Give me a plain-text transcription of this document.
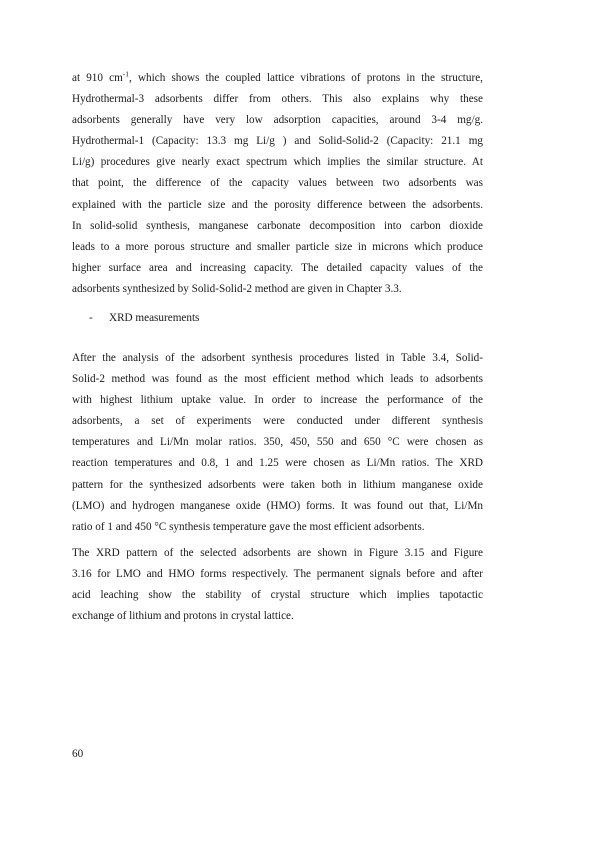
at 910 $cm^{-1}$, which shows the coupled lattice vibrations of protons in the structure,
Hydrothermal-3 adsorbents differ from others. This also explains why these
adsorbents generally have very low adsorption capacities, around 3-4 mg/g.
Hydrothermal-1 (Capacity: 13.3 mg Li/g ) and Solid-Solid-2 (Capacity: 21.1 mg
Li/g) procedures give nearly exact spectrum which implies the similar structure. At
that point, the difference of the capacity values between two adsorbents was
explained with the particle size and the porosity difference between the adsorbents.
In solid-solid synthesis, manganese carbonate decomposition into carbon dioxide
leads to a more porous structure and smaller particle size in microns which produce
higher surface area and increasing capacity. The detailed capacity values of the
adsorbents synthesized by Solid-Solid-2 method are given in Chapter 3.3.

- XRD measurements

After the analysis of the adsorbent synthesis procedures listed in Table 3.4, Solid-
Solid-2 method was found as the most efficient method which leads to adsorbents
with highest lithium uptake value. In order to increase the performance of the
adsorbents, a set of experiments were conducted under different synthesis
temperatures and Li/Mn molar ratios. 350, 450, 550 and 650 °C were chosen as
reaction temperatures and 0.8, 1 and 1.25 were chosen as Li/Mn ratios. The XRD
pattern for the synthesized adsorbents were taken both in lithium manganese oxide
(LMO) and hydrogen manganese oxide (HMO) forms. It was found out that, Li/Mn
ratio of 1 and 450 °C synthesis temperature gave the most efficient adsorbents.

The XRD pattern of the selected adsorbents are shown in Figure 3.15 and Figure
3.16 for LMO and HMO forms respectively. The permanent signals before and after
acid leaching show the stability of crystal structure which implies tapotactic
exchange of lithium and protons in crystal lattice.

60
